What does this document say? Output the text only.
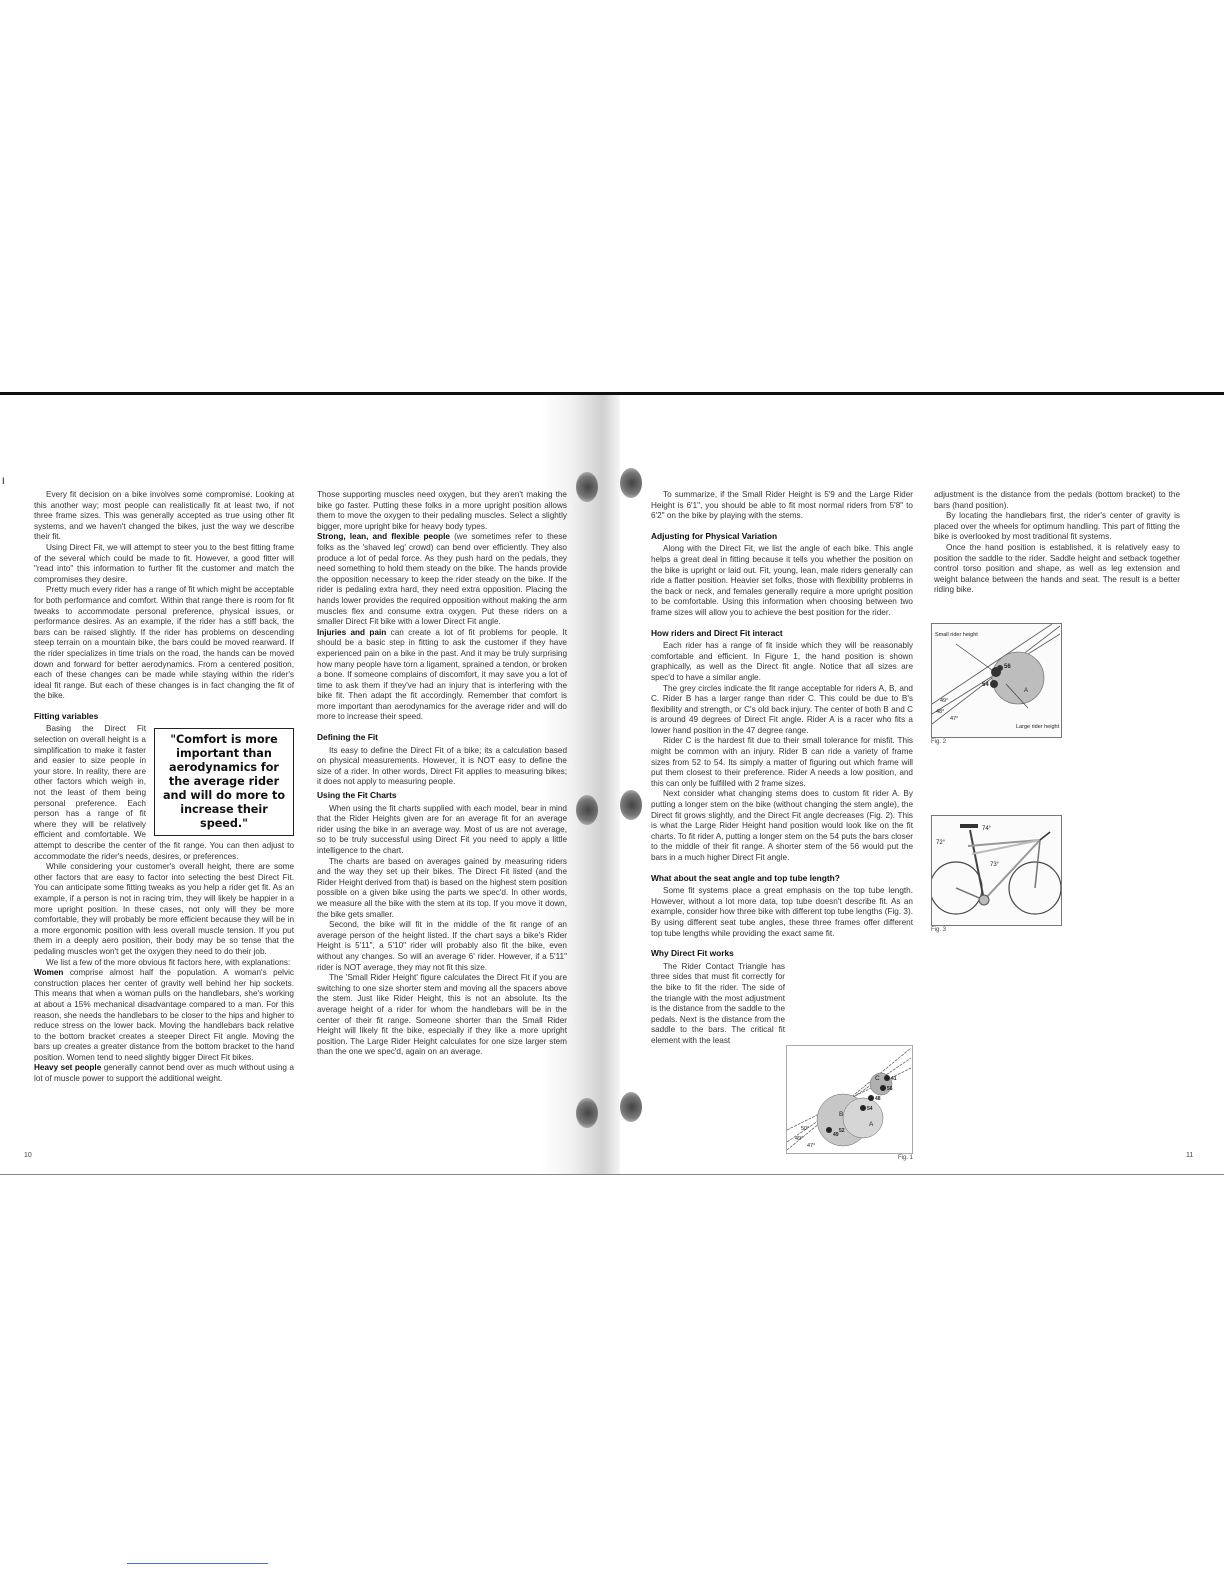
I

Every fit decision on a bike involves some compromise. Looking at this another way; most people can realistically fit at least two, if not three frame sizes. This was generally accepted as true using other fit systems, and we haven't changed the bikes, just the way we describe their fit.

Using Direct Fit, we will attempt to steer you to the best fitting frame of the several which could be made to fit. However, a good fitter will "read into" this information to further fit the customer and match the compromises they desire.

Pretty much every rider has a range of fit which might be acceptable for both performance and comfort. Within that range there is room for fit tweaks to accommodate personal preference, physical issues, or performance desires. As an example, if the rider has a stiff back, the bars can be raised slightly. If the rider has problems on descending steep terrain on a mountain bike, the bars could be moved rearward. If the rider specializes in time trials on the road, the hands can be moved down and forward for better aerodynamics. From a centered position, each of these changes can be made while staying within the rider's ideal fit range. But each of these changes is in fact changing the fit of the bike.

Fitting variables
"Comfort is more important than aerodynamics for the average rider and will do more to increase their speed."

Basing the Direct Fit selection on overall height is a simplification to make it faster and easier to size people in your store. In reality, there are other factors which weigh in, not the least of them being personal preference. Each person has a range of fit where they will be relatively efficient and comfortable. We attempt to describe the center of the fit range. You can then adjust to accommodate the rider's needs, desires, or preferences.

While considering your customer's overall height, there are some other factors that are easy to factor into selecting the best Direct Fit. You can anticipate some fitting tweaks as you help a rider get fit. As an example, if a person is not in racing trim, they will likely be happier in a more upright position. In these cases, not only will they be more comfortable, they will probably be more efficient because they will be in a more ergonomic position with less overall muscle tension. If you put them in a deeply aero position, their body may be so tense that the pedaling muscles won't get the oxygen they need to do their job.

We list a few of the more obvious fit factors here, with explanations:

Women comprise almost half the population. A woman's pelvic construction places her center of gravity well behind her hip sockets. This means that when a woman pulls on the handlebars, she's working at about a 15% mechanical disadvantage compared to a man. For this reason, she needs the handlebars to be closer to the hips and higher to reduce stress on the lower back. Moving the handlebars back relative to the bottom bracket creates a steeper Direct Fit angle. Moving the bars up creates a greater distance from the bottom bracket to the hand position. Women tend to need slightly bigger Direct Fit bikes.

Heavy set people generally cannot bend over as much without using a lot of muscle power to support the additional weight.

Those supporting muscles need oxygen, but they aren't making the bike go faster. Putting these folks in a more upright position allows them to move the oxygen to their pedaling muscles. Select a slightly bigger, more upright bike for heavy body types.

Strong, lean, and flexible people (we sometimes refer to these folks as the 'shaved leg' crowd) can bend over efficiently. They also produce a lot of pedal force. As they push hard on the pedals, they need something to hold them steady on the bike. The hands provide the opposition necessary to keep the rider steady on the bike. If the rider is pedaling extra hard, they need extra opposition. Placing the hands lower provides the required opposition without making the arm muscles flex and consume extra oxygen. Put these riders on a smaller Direct Fit bike with a lower Direct Fit angle.

Injuries and pain can create a lot of fit problems for people. It should be a basic step in fitting to ask the customer if they have experienced pain on a bike in the past. And it may be truly surprising how many people have torn a ligament, sprained a tendon, or broken a bone. If someone complains of discomfort, it may save you a lot of time to ask them if they've had an injury that is interfering with the bike fit. Then adapt the fit accordingly. Remember that comfort is more important than aerodynamics for the average rider and will do more to increase their speed.

Defining the Fit

Its easy to define the Direct Fit of a bike; its a calculation based on physical measurements. However, it is NOT easy to define the size of a rider. In other words, Direct Fit applies to measuring bikes; it does not apply to measuring people.

Using the Fit Charts

When using the fit charts supplied with each model, bear in mind that the Rider Heights given are for an average fit for an average rider using the bike in an average way. Most of us are not average, so to be truly successful using Direct Fit you need to apply a little intelligence to the chart.

The charts are based on averages gained by measuring riders and the way they set up their bikes. The Direct Fit listed (and the Rider Height derived from that) is based on the highest stem position possible on a given bike using the parts we spec'd. In other words, we measure all the bike with the stem at its top. If you move it down, the bike gets smaller.

Second, the bike will fit in the middle of the fit range of an average person of the height listed. If the chart says a bike's Rider Height is 5'11", a 5'10" rider will probably also fit the bike, even without any changes. So will an average 6' rider. However, if a 5'11" rider is NOT average, they may not fit this size.

The 'Small Rider Height' figure calculates the Direct Fit if you are switching to one size shorter stem and moving all the spacers above the stem. Just like Rider Height, this is not an absolute. Its the average height of a rider for whom the handlebars will be in the center of their fit range. Someone shorter than the Small Rider Height will likely fit the bike, especially if they like a more upright position. The Large Rider Height calculates for one size larger stem than the one we spec'd, again on an average.

10

To summarize, if the Small Rider Height is 5'9 and the Large Rider Height is 6'1", you should be able to fit most normal riders from 5'8" to 6'2" on the bike by playing with the stems.

Adjusting for Physical Variation

Along with the Direct Fit, we list the angle of each bike. This angle helps a great deal in fitting because it tells you whether the position on the bike is upright or laid out. Fit, young, lean, male riders generally can ride a flatter position. Heavier set folks, those with flexibility problems in the back or neck, and females generally require a more upright position to be comfortable. Using this information when choosing between two frame sizes will allow you to achieve the best position for the rider.

How riders and Direct Fit interact

Each rider has a range of fit inside which they will be reasonably comfortable and efficient. In Figure 1, the hand position is shown graphically, as well as the Direct fit angle. Notice that all sizes are spec'd to have a similar angle.

The grey circles indicate the fit range acceptable for riders A, B, and C. Rider B has a larger range than rider C. This could be due to B's flexibility and strength, or C's old back injury. The center of both B and C is around 49 degrees of Direct Fit angle. Rider A is a racer who fits a lower hand position in the 47 degree range.

Rider C is the hardest fit due to their small tolerance for misfit. This might be common with an injury. Rider B can ride a variety of frame sizes from 52 to 54. Its simply a matter of figuring out which frame will put them closest to their preference. Rider A needs a low position, and this can only be fulfilled with 2 frame sizes.

Next consider what changing stems does to custom fit rider A. By putting a longer stem on the bike (without changing the stem angle), the Direct fit grows slightly, and the Direct Fit angle decreases (Fig. 2). This is what the Large Rider Height hand position would look like on the fit charts. To fit rider A, putting a longer stem on the 54 puts the bars closer to the middle of their fit range. A shorter stem of the 56 would put the bars in a much higher Direct Fit angle.

What about the seat angle and top tube length?

Some fit systems place a great emphasis on the top tube length. However, without a lot more data, top tube doesn't describe fit. As an example, consider how three bike with different top tube lengths (Fig. 3). By using different seat tube angles, these three frames offer different top tube lengths while providing the exact same fit.

Why Direct Fit works

The Rider Contact Triangle has three sides that must fit correctly for the bike to fit the rider. The side of the triangle with the most adjustment is the distance from the saddle to the pedals. Next is the distance from the saddle to the bars. The critical fit element with the least

adjustment is the distance from the pedals (bottom bracket) to the bars (hand position).

By locating the handlebars first, the rider's center of gravity is placed over the wheels for optimum handling. This part of fitting the bike is overlooked by most traditional fit systems.

Once the hand position is established, it is relatively easy to position the saddle to the rider. Saddle height and setback together control torso position and shape, as well as leg extension and weight balance between the hands and seat. The result is a better riding bike.

Small rider height
A
56
54
49°
48°
47°
Large rider height
Fig. 2
74°
72°
73°
Fig. 3
C
B
A
50°
49°
47°
41
52
54
56
49
48
Fig. 1	11
